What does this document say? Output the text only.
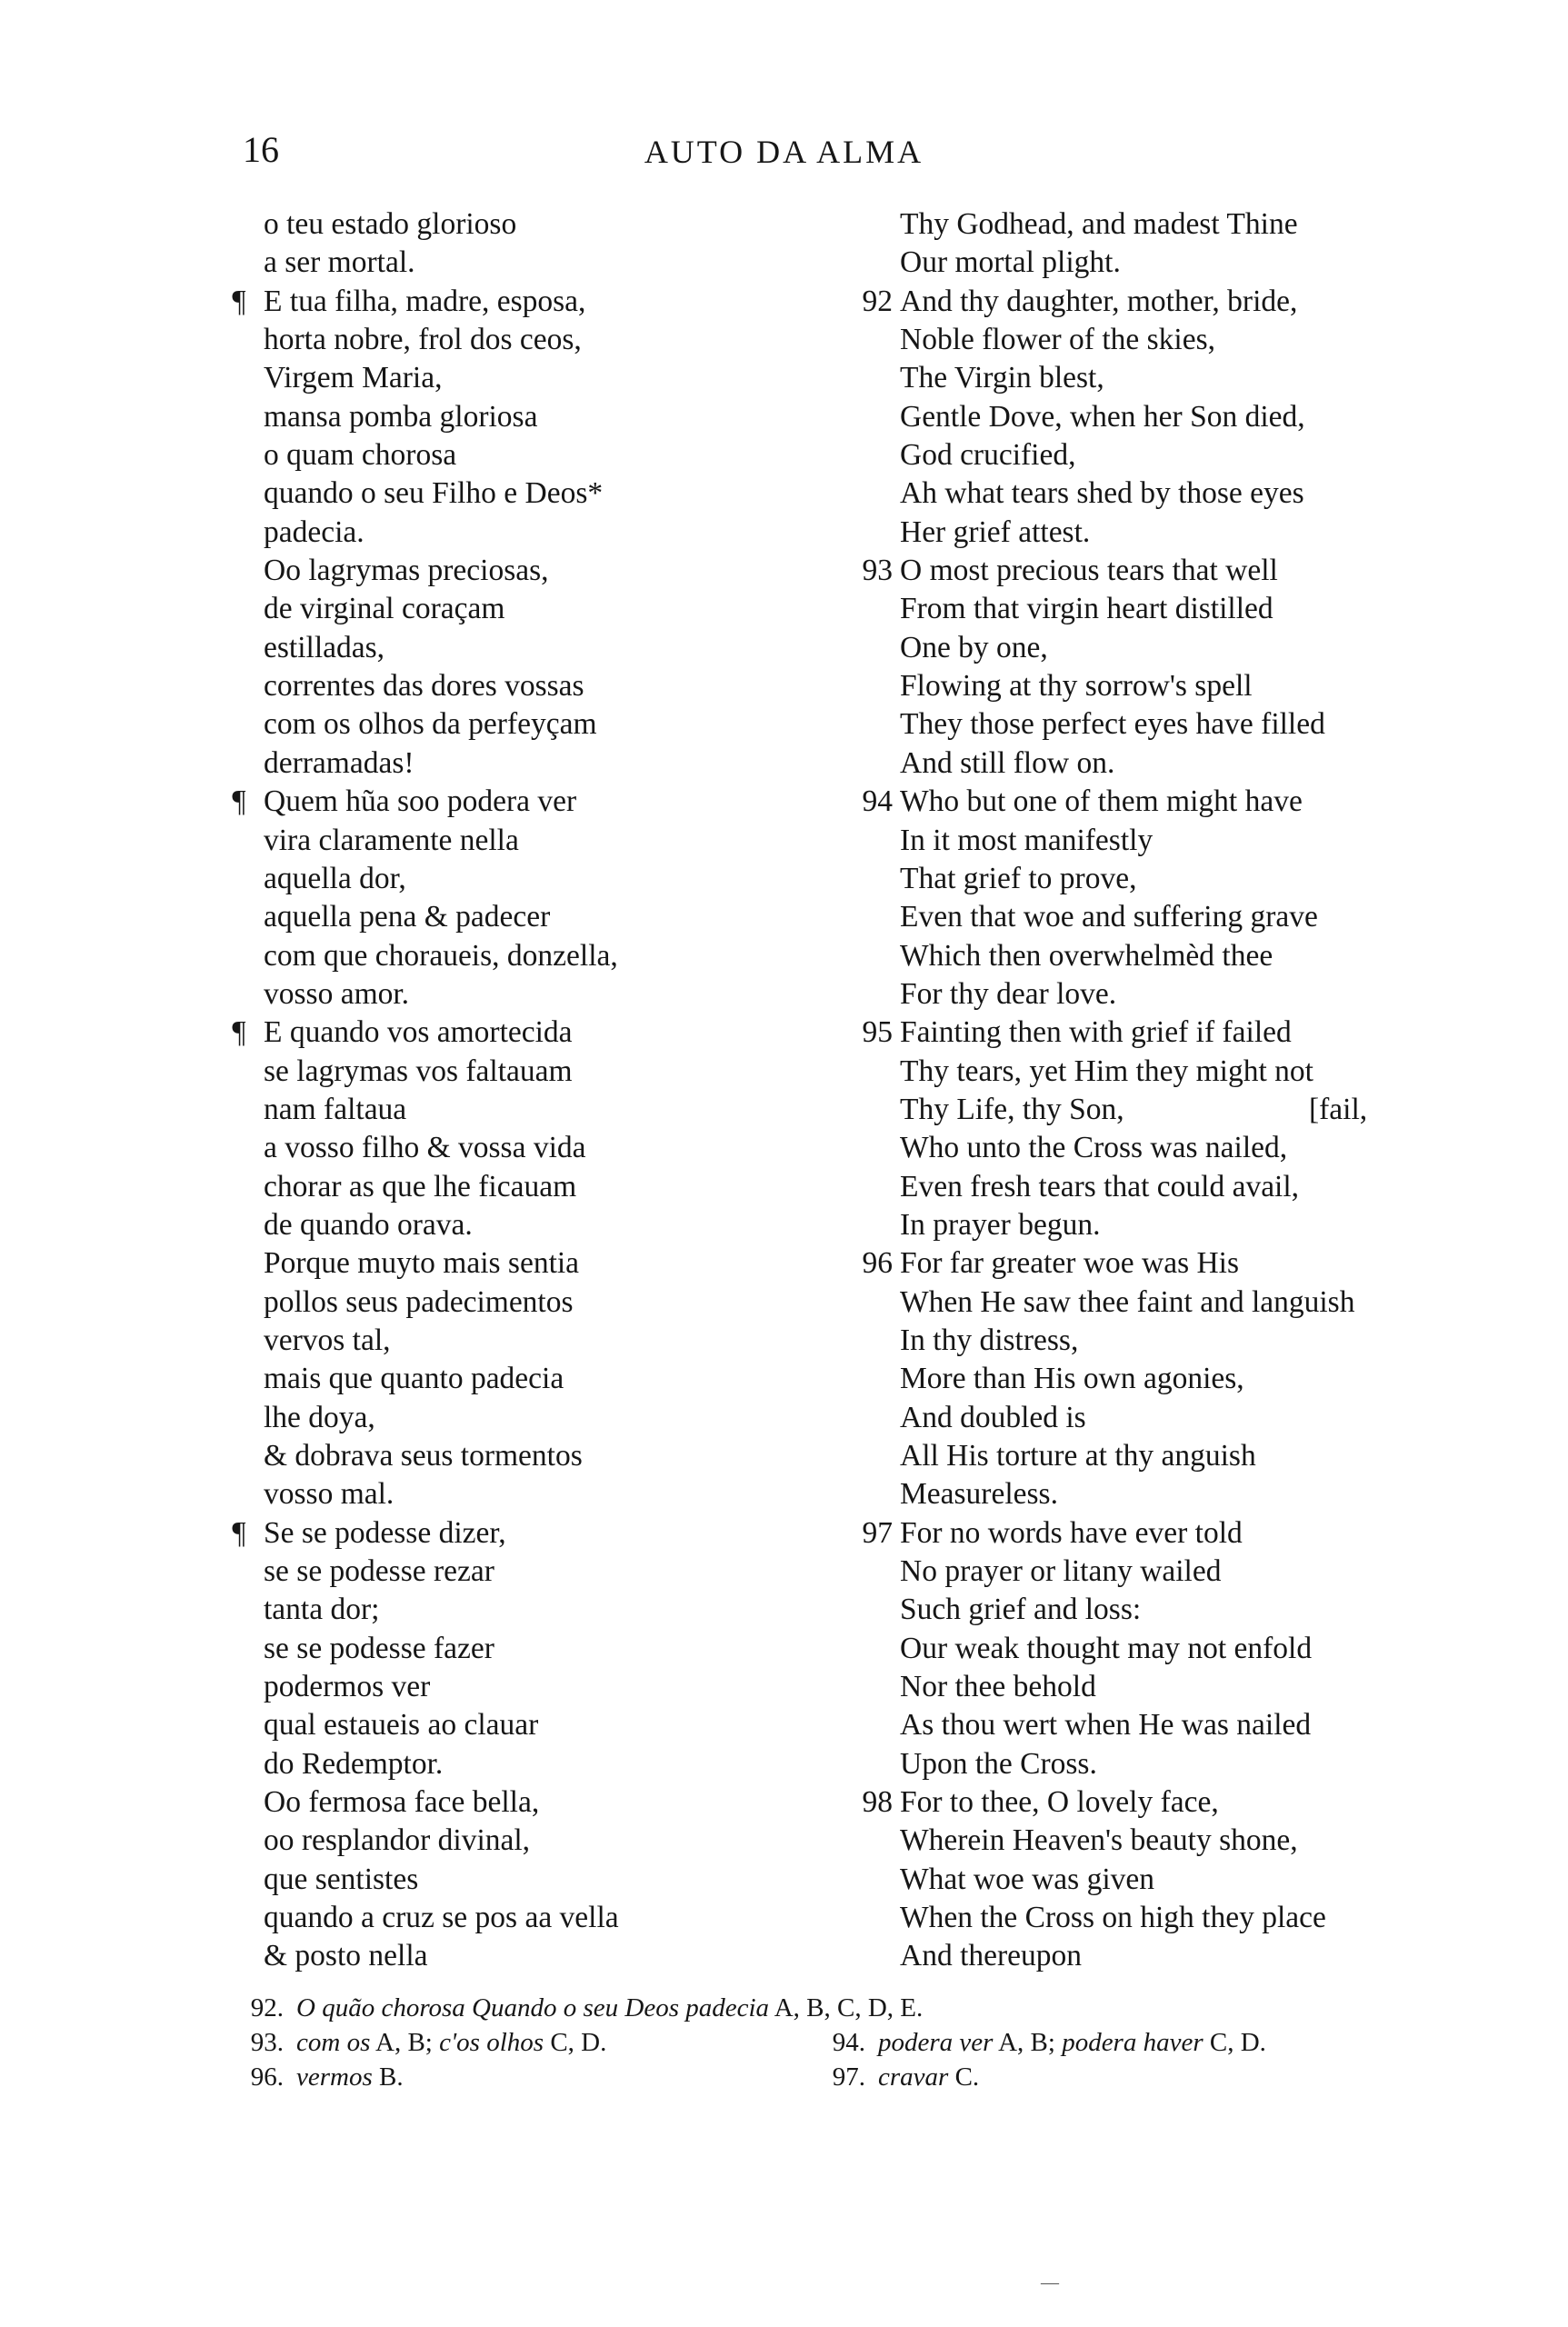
16	AUTO DA ALMA
o teu estado glorioso
a ser mortal.
¶ E tua filha, madre, esposa,
horta nobre, frol dos ceos,
Virgem Maria,
mansa pomba gloriosa
o quam chorosa
quando o seu Filho e Deos*
padecia.
Oo lagrymas preciosas,
de virginal coraçam
estilladas,
correntes das dores vossas
com os olhos da perfeyçam
derramadas!
¶ Quem hũa soo podera ver
vira claramente nella
aquella dor,
aquella pena & padecer
com que choraueis, donzella,
vosso amor.
¶ E quando vos amortecida
se lagrymas vos faltauam
nam faltaua
a vosso filho & vossa vida
chorar as que lhe ficauam
de quando orava.
Porque muyto mais sentia
pollos seus padecimentos
vervos tal,
mais que quanto padecia
lhe doya,
& dobrava seus tormentos
vosso mal.
¶ Se se podesse dizer,
se se podesse rezar
tanta dor;
se se podesse fazer
podermos ver
qual estaueis ao clauar
do Redemptor.
Oo fermosa face bella,
oo resplandor divinal,
que sentistes
quando a cruz se pos aa vella
& posto nella
Thy Godhead, and madest Thine
Our mortal plight.
92 And thy daughter, mother, bride,
Noble flower of the skies,
The Virgin blest,
Gentle Dove, when her Son died,
God crucified,
Ah what tears shed by those eyes
Her grief attest.
93 O most precious tears that well
From that virgin heart distilled
One by one,
Flowing at thy sorrow's spell
They those perfect eyes have filled
And still flow on.
94 Who but one of them might have
In it most manifestly
That grief to prove,
Even that woe and suffering grave
Which then overwhelmèd thee
For thy dear love.
95 Fainting then with grief if failed
Thy tears, yet Him they might not
Thy Life, thy Son,	[fail,
Who unto the Cross was nailed,
Even fresh tears that could avail,
In prayer begun.
96 For far greater woe was His
When He saw thee faint and languish
In thy distress,
More than His own agonies,
And doubled is
All His torture at thy anguish
Measureless.
97 For no words have ever told
No prayer or litany wailed
Such grief and loss:
Our weak thought may not enfold
Nor thee behold
As thou wert when He was nailed
Upon the Cross.
98 For to thee, O lovely face,
Wherein Heaven's beauty shone,
What woe was given
When the Cross on high they place
And thereupon
92. O quão chorosa Quando o seu Deos padecia A, B, C, D, E.
93. com os A, B; c'os olhos C, D.	94. podera ver A, B; podera haver C, D.
96. vermos B.	97. cravar C.
—
